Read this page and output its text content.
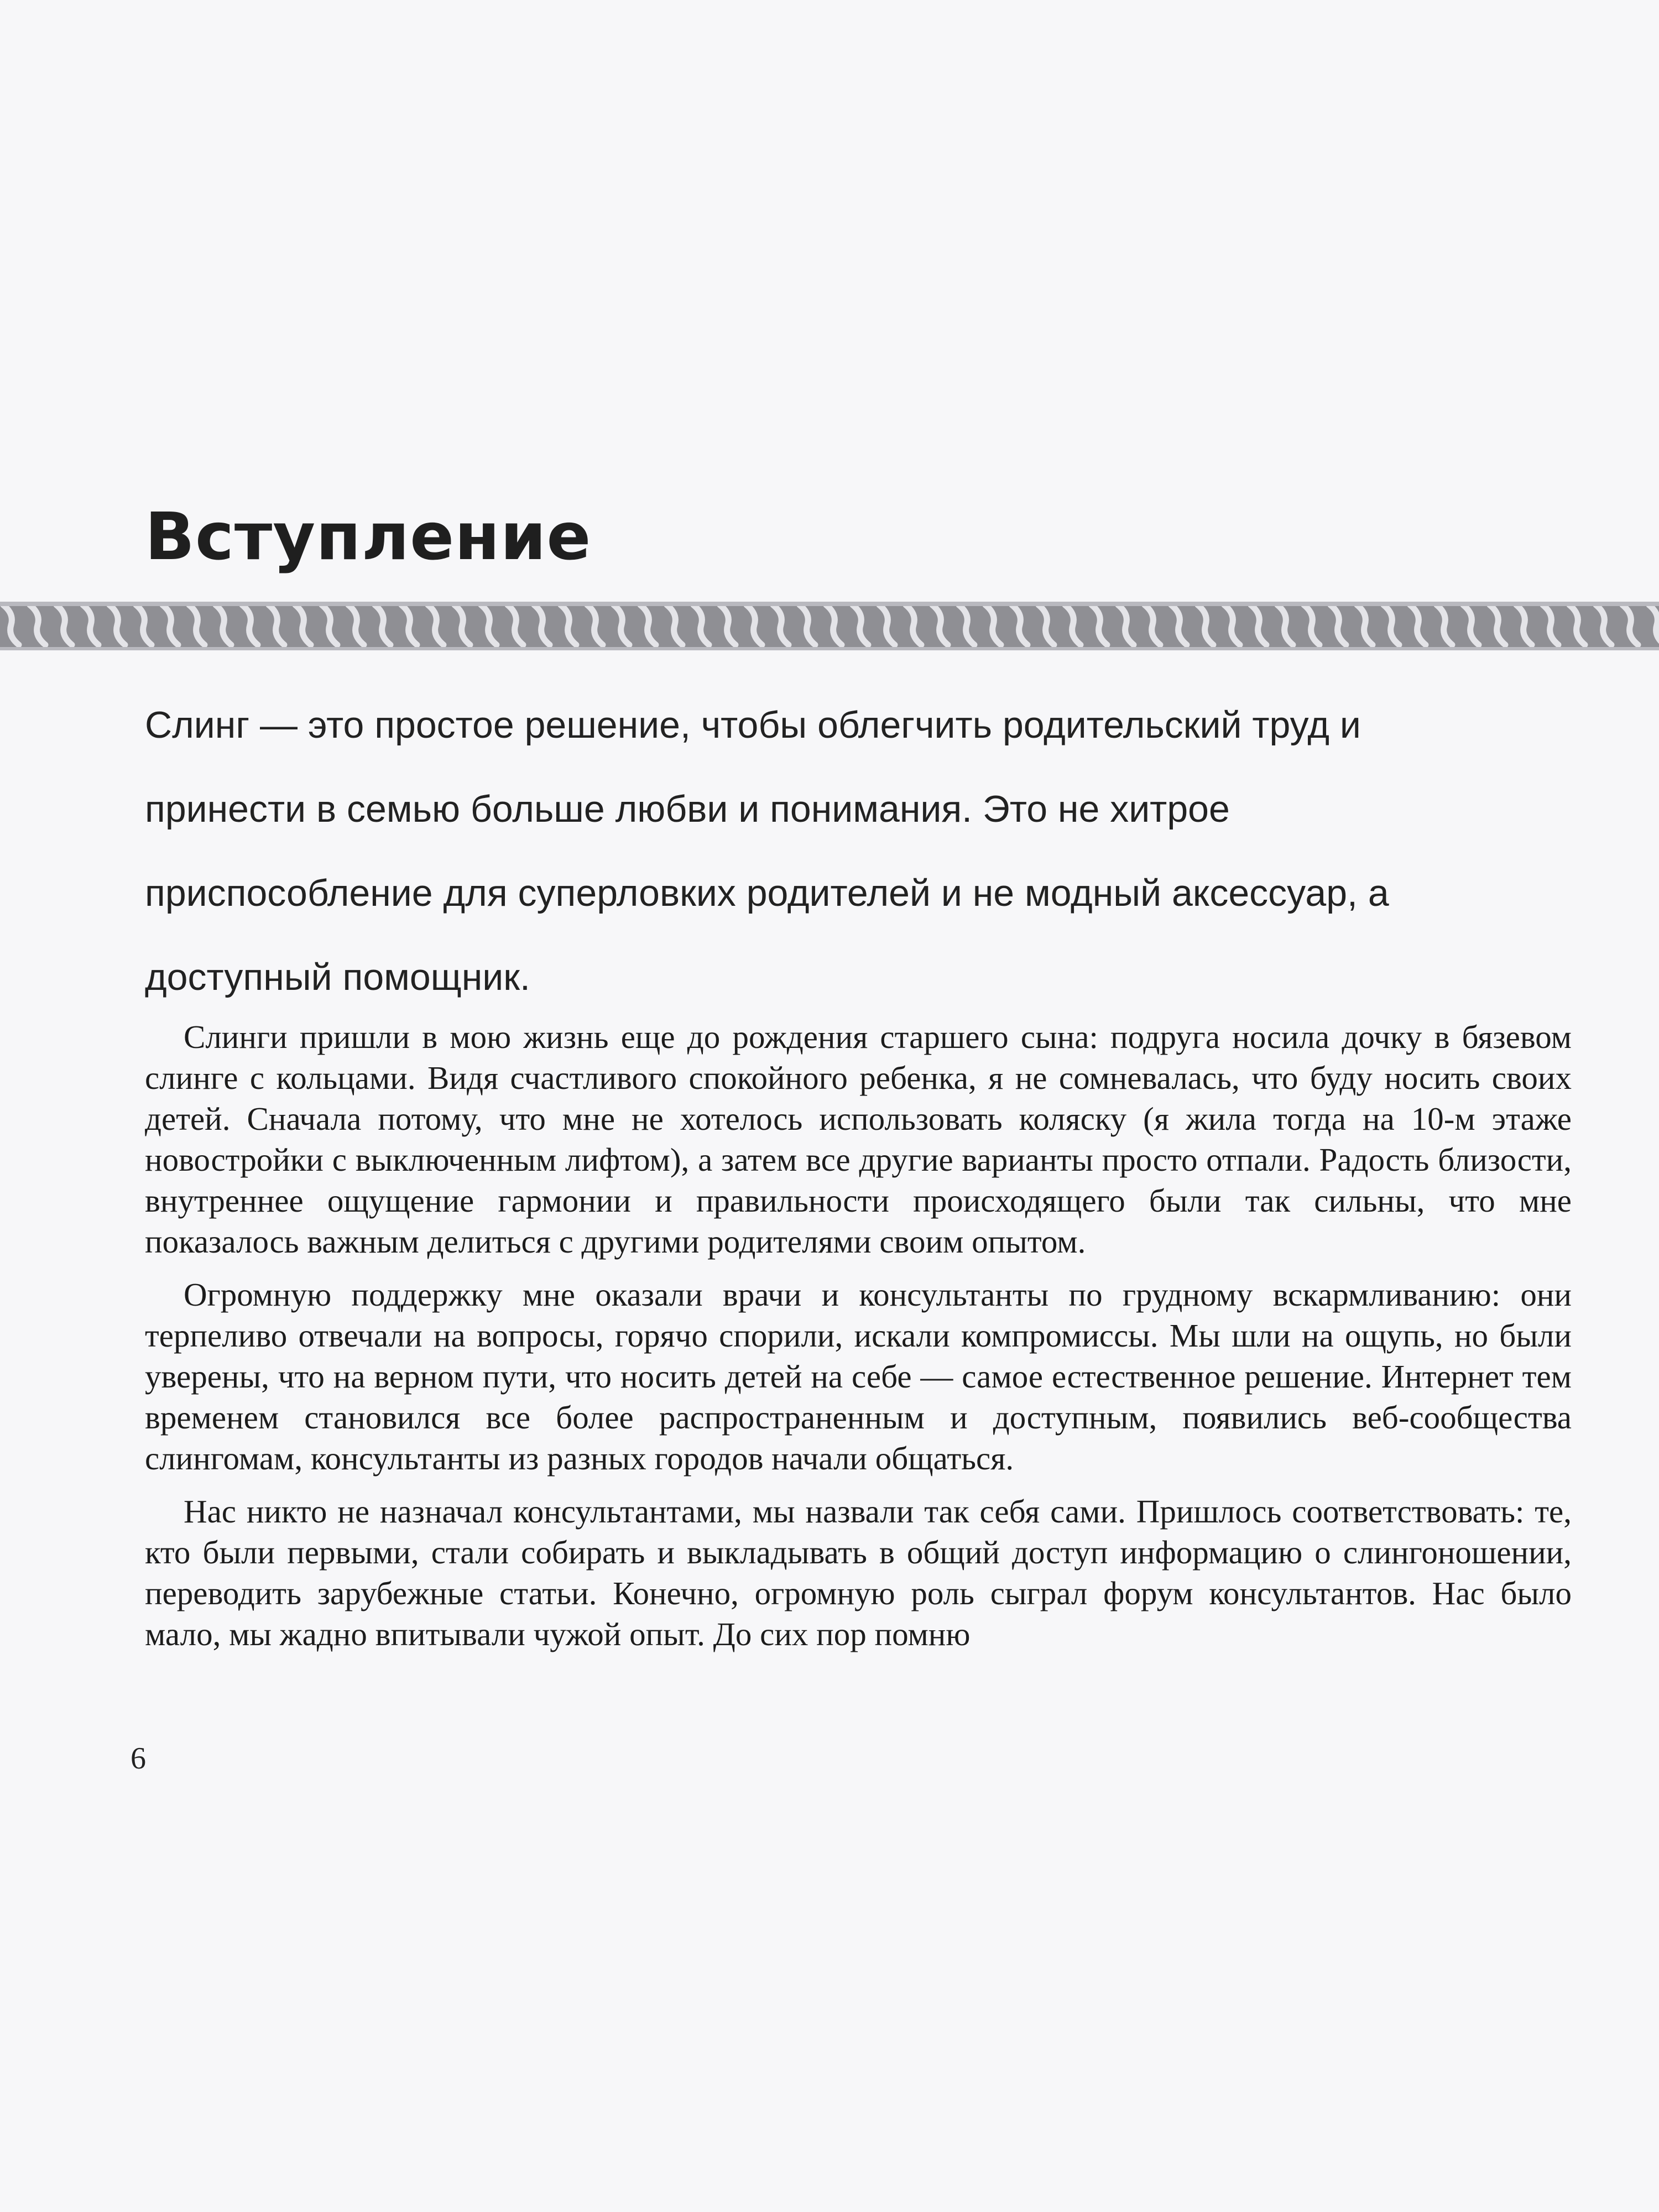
Вступление

Слинг — это простое решение, чтобы облегчить родительский труд и принести в семью больше любви и понимания. Это не хитрое приспособление для суперловких родителей и не модный аксессуар, а доступный помощник.

Слинги пришли в мою жизнь еще до рождения старшего сына: подруга носила дочку в бязевом слинге с кольцами. Видя счастливого спокойного ребенка, я не сомневалась, что буду носить своих детей. Сначала потому, что мне не хотелось использовать коляску (я жила тогда на 10-м этаже новостройки с выключенным лифтом), а затем все другие варианты просто отпали. Радость близости, внутреннее ощущение гармонии и правильности происходящего были так сильны, что мне показалось важным делиться с другими родителями своим опытом.

Огромную поддержку мне оказали врачи и консультанты по грудному вскармливанию: они терпеливо отвечали на вопросы, горячо спорили, искали компромиссы. Мы шли на ощупь, но были уверены, что на верном пути, что носить детей на себе — самое естественное решение. Интернет тем временем становился все более распространенным и доступным, появились веб-сообщества слингомам, консультанты из разных городов начали общаться.

Нас никто не назначал консультантами, мы назвали так себя сами. Пришлось соответствовать: те, кто были первыми, стали собирать и выкладывать в общий доступ информацию о слингоношении, переводить зарубежные статьи. Конечно, огромную роль сыграл форум консультантов. Нас было мало, мы жадно впитывали чужой опыт. До сих пор помню

6
